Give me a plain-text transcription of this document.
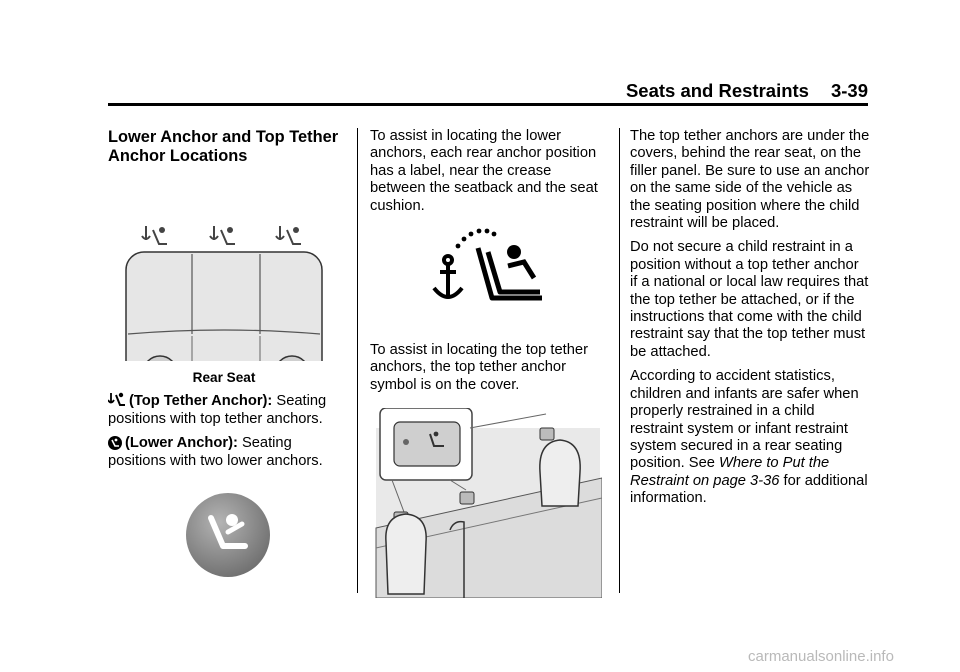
Seats and Restraints 3-39
Lower Anchor and Top Tether Anchor Locations
Rear Seat

(Top Tether Anchor): Seating positions with top tether anchors.

(Lower Anchor): Seating positions with two lower anchors.

To assist in locating the lower anchors, each rear anchor position has a label, near the crease between the seatback and the seat cushion.

To assist in locating the top tether anchors, the top tether anchor symbol is on the cover.

The top tether anchors are under the covers, behind the rear seat, on the filler panel. Be sure to use an anchor on the same side of the vehicle as the seating position where the child restraint will be placed.

Do not secure a child restraint in a position without a top tether anchor if a national or local law requires that the top tether be attached, or if the instructions that come with the child restraint say that the top tether must be attached.

According to accident statistics, children and infants are safer when properly restrained in a child restraint system or infant restraint system secured in a rear seating position. See Where to Put the Restraint on page 3-36 for additional information.

carmanualsonline.info
